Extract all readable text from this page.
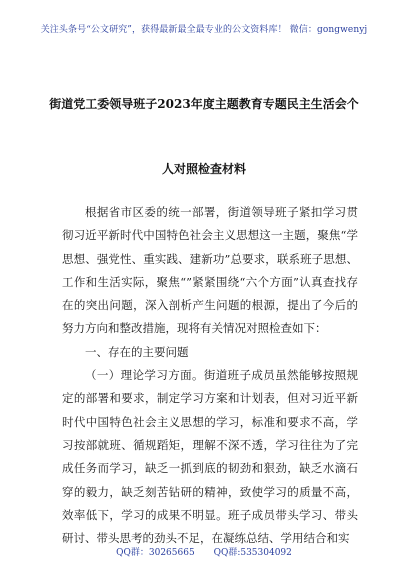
关注头条号“公文研究”，获得最新最全最专业的公文资料库！ 微信：gongwenyj
街道党工委领导班子2023年度主题教育专题民主生活会个
人对照检查材料

根据省市区委的统一部署，街道领导班子紧扣学习贯彻习近平新时代中国特色社会主义思想这一主题，聚焦“学思想、强党性、重实践、建新功”总要求，联系班子思想、工作和生活实际，聚焦“”紧紧围绕“六个方面”认真查找存在的突出问题，深入剖析产生问题的根源，提出了今后的努力方向和整改措施，现将有关情况对照检查如下：

一、存在的主要问题

（一）理论学习方面。街道班子成员虽然能够按照规定的部署和要求，制定学习方案和计划表，但对习近平新时代中国特色社会主义思想的学习，标准和要求不高，学习按部就班、循规蹈矩，理解不深不透，学习往往为了完成任务而学习，缺乏一抓到底的韧劲和狠劲，缺乏水滴石穿的毅力，缺乏刻苦钻研的精神，致使学习的质量不高，效率低下，学习的成果不明显。班子成员带头学习、带头研讨、带头思考的劲头不足，在凝练总结、学用结合和实

QQ群：30265665 QQ群:535304092
